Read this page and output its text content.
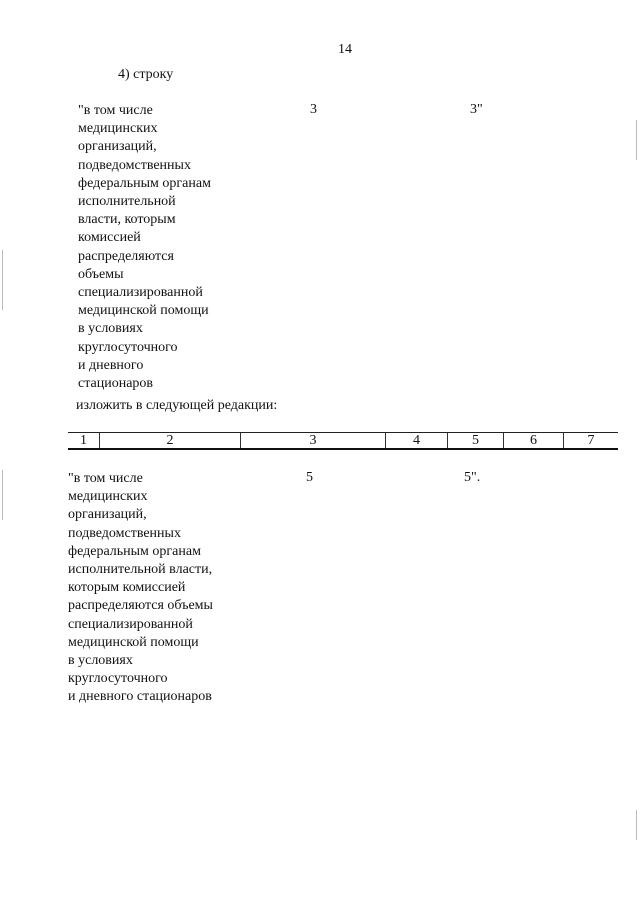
14
4) строку
"в том числе
медицинских
организаций,
подведомственных
федеральным органам
исполнительной
власти, которым
комиссией
распределяются
объемы
специализированной
медицинской помощи
в условиях
круглосуточного
и дневного
стационаров
3	3"
изложить в следующей редакции:
1	2	3	4	5	6	7
"в том числе
медицинских
организаций,
подведомственных
федеральным органам
исполнительной власти,
которым комиссией
распределяются объемы
специализированной
медицинской помощи
в условиях
круглосуточного
и дневного стационаров
5	5".
